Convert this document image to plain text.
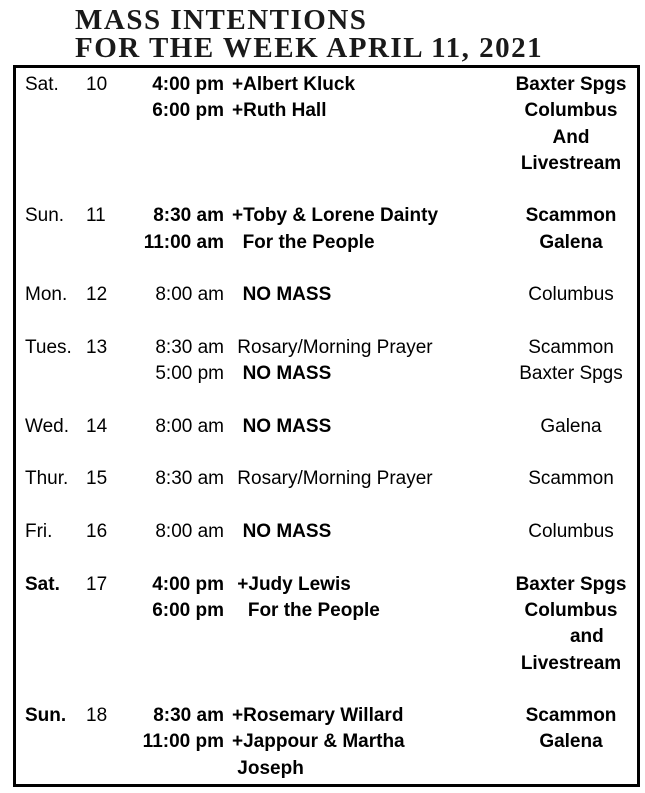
MASS INTENTIONS
FOR THE WEEK APRIL 11, 2021
Sat.	10	4:00 pm +Albert Kluck	Baxter Spgs
6:00 pm +Ruth Hall	Columbus
And
Livestream
Sun.	11	8:30 am +Toby & Lorene Dainty	Scammon
11:00 am For the People	Galena
Mon. 12	8:00 am NO MASS	Columbus
Tues. 13	8:30 am Rosary/Morning Prayer	Scammon
5:00 pm NO MASS	Baxter Spgs
Wed. 14	8:00 am NO MASS	Galena
Thur. 15	8:30 am Rosary/Morning Prayer	Scammon
Fri.	16	8:00 am NO MASS	Columbus
Sat.	17	4:00 pm +Judy Lewis	Baxter Spgs
6:00 pm For the People	Columbus
and
Livestream
Sun.	18	8:30 am +Rosemary Willard	Scammon
11:00 pm +Jappour & Martha	Galena
Joseph
